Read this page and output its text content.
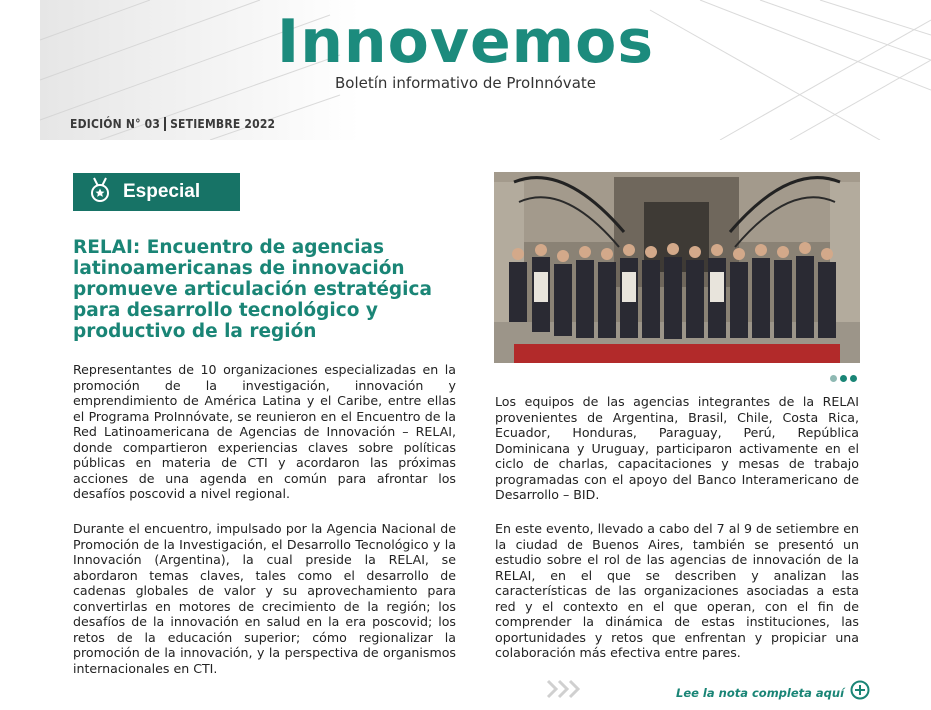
Innovemos
Boletín informativo de ProInnóvate
EDICIÓN N° 03 SETIEMBRE 2022
Especial
RELAI: Encuentro de agencias latinoamericanas de innovación promueve articulación estratégica para desarrollo tecnológico y productivo de la región

Representantes de 10 organizaciones especializadas en la promoción de la investigación, innovación y emprendimiento de América Latina y el Caribe, entre ellas el Programa ProInnóvate, se reunieron en el Encuentro de la Red Latinoamericana de Agencias de Innovación – RELAI, donde compartieron experiencias claves sobre políticas públicas en materia de CTI y acordaron las próximas acciones de una agenda en común para afrontar los desafíos poscovid a nivel regional.

Durante el encuentro, impulsado por la Agencia Nacional de Promoción de la Investigación, el Desarrollo Tecnológico y la Innovación (Argentina), la cual preside la RELAI, se abordaron temas claves, tales como el desarrollo de cadenas globales de valor y su aprovechamiento para convertirlas en motores de crecimiento de la región; los desafíos de la innovación en salud en la era poscovid; los retos de la educación superior; cómo regionalizar la promoción de la innovación, y la perspectiva de organismos internacionales en CTI.

Los equipos de las agencias integrantes de la RELAI provenientes de Argentina, Brasil, Chile, Costa Rica, Ecuador, Honduras, Paraguay, Perú, República Dominicana y Uruguay, participaron activamente en el ciclo de charlas, capacitaciones y mesas de trabajo programadas con el apoyo del Banco Interamericano de Desarrollo – BID.

En este evento, llevado a cabo del 7 al 9 de setiembre en la ciudad de Buenos Aires, también se presentó un estudio sobre el rol de las agencias de innovación de la RELAI, en el que se describen y analizan las características de las organizaciones asociadas a esta red y el contexto en el que operan, con el fin de comprender la dinámica de estas instituciones, las oportunidades y retos que enfrentan y propiciar una colaboración más efectiva entre pares.

Lee la nota completa aquí
